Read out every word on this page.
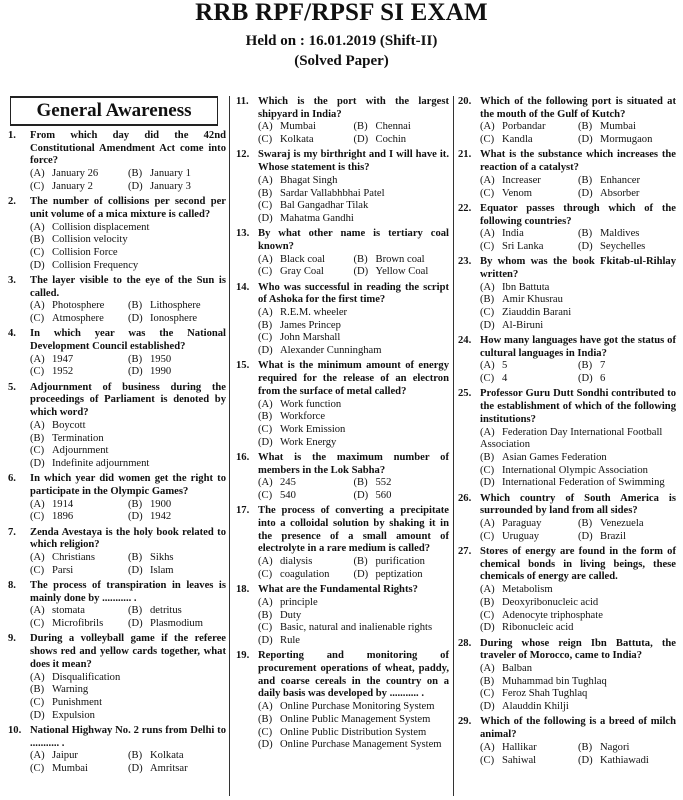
RRB RPF/RPSF SI EXAM
Held on : 16.01.2019 (Shift-II)
(Solved Paper)
General Awareness
1.	From which day did the 42nd Constitutional Amendment Act come into force?
(A) January 26	(B) January 1
(C) January 2	(D) January 3
2.	The number of collisions per second per unit volume of a mica mixture is called?
(A) Collision displacement
(B) Collision velocity
(C) Collision Force
(D) Collision Frequency
3.	The layer visible to the eye of the Sun is called.
(A) Photosphere	(B) Lithosphere
(C) Atmosphere	(D) Ionosphere
4.	In which year was the National Development Council established?
(A) 1947	(B) 1950
(C) 1952	(D) 1990
5.	Adjournment of business during the proceedings of Parliament is denoted by which word?
(A) Boycott
(B) Termination
(C) Adjournment
(D) Indefinite adjournment
6.	In which year did women get the right to participate in the Olympic Games?
(A) 1914	(B) 1900
(C) 1896	(D) 1942
7.	Zenda Avestaya is the holy book related to which religion?
(A) Christians	(B) Sikhs
(C) Parsi	(D) Islam
8.	The process of transpiration in leaves is mainly done by ........... .
(A) stomata	(B) detritus
(C) Microfibrils	(D) Plasmodium
9.	During a volleyball game if the referee shows red and yellow cards together, what does it mean?
(A) Disqualification
(B) Warning
(C) Punishment
(D) Expulsion
10. National Highway No. 2 runs from Delhi to ........... .
(A) Jaipur	(B) Kolkata
(C) Mumbai	(D) Amritsar
11. Which is the port with the largest shipyard in India?
(A) Mumbai	(B) Chennai
(C) Kolkata	(D) Cochin
12. Swaraj is my birthright and I will have it. Whose statement is this?
(A) Bhagat Singh
(B) Sardar Vallabhbhai Patel
(C) Bal Gangadhar Tilak
(D) Mahatma Gandhi
13. By what other name is tertiary coal known?
(A) Black coal	(B) Brown coal
(C) Gray Coal	(D) Yellow Coal
14. Who was successful in reading the script of Ashoka for the first time?
(A) R.E.M. wheeler
(B) James Princep
(C) John Marshall
(D) Alexander Cunningham
15. What is the minimum amount of energy required for the release of an electron from the surface of metal called?
(A) Work function
(B) Workforce
(C) Work Emission
(D) Work Energy
16. What is the maximum number of members in the Lok Sabha?
(A) 245	(B) 552
(C) 540	(D) 560
17. The process of converting a precipitate into a colloidal solution by shaking it in the presence of a small amount of electrolyte in a rare medium is called?
(A) dialysis	(B) purification
(C) coagulation	(D) peptization
18. What are the Fundamental Rights?
(A) principle
(B) Duty
(C) Basic, natural and inalienable rights
(D) Rule
19. Reporting and monitoring of procurement operations of wheat, paddy, and coarse cereals in the country on a daily basis was developed by ........... .
(A) Online Purchase Monitoring System
(B) Online Public Management System
(C) Online Public Distribution System
(D) Online Purchase Management System
20. Which of the following port is situated at the mouth of the Gulf of Kutch?
(A) Porbandar	(B) Mumbai
(C) Kandla	(D) Mormugaon
21. What is the substance which increases the reaction of a catalyst?
(A) Increaser	(B) Enhancer
(C) Venom	(D) Absorber
22. Equator passes through which of the following countries?
(A) India	(B) Maldives
(C) Sri Lanka	(D) Seychelles
23. By whom was the book Fkitab-ul-Rihlay written?
(A) Ibn Battuta
(B) Amir Khusrau
(C) Ziauddin Barani
(D) Al-Biruni
24. How many languages have got the status of cultural languages in India?
(A) 5	(B) 7
(C) 4	(D) 6
25. Professor Guru Dutt Sondhi contributed to the establishment of which of the following institutions?
(A) Federation Day International Football Association
(B) Asian Games Federation
(C) International Olympic Association
(D) International Federation of Swimming
26. Which country of South America is surrounded by land from all sides?
(A) Paraguay	(B) Venezuela
(C) Uruguay	(D) Brazil
27. Stores of energy are found in the form of chemical bonds in living beings, these chemicals of energy are called.
(A) Metabolism
(B) Deoxyribonucleic acid
(C) Adenocyte triphosphate
(D) Ribonucleic acid
28. During whose reign Ibn Battuta, the traveler of Morocco, came to India?
(A) Balban
(B) Muhammad bin Tughlaq
(C) Feroz Shah Tughlaq
(D) Alauddin Khilji
29. Which of the following is a breed of milch animal?
(A) Hallikar	(B) Nagori
(C) Sahiwal	(D) Kathiawadi
